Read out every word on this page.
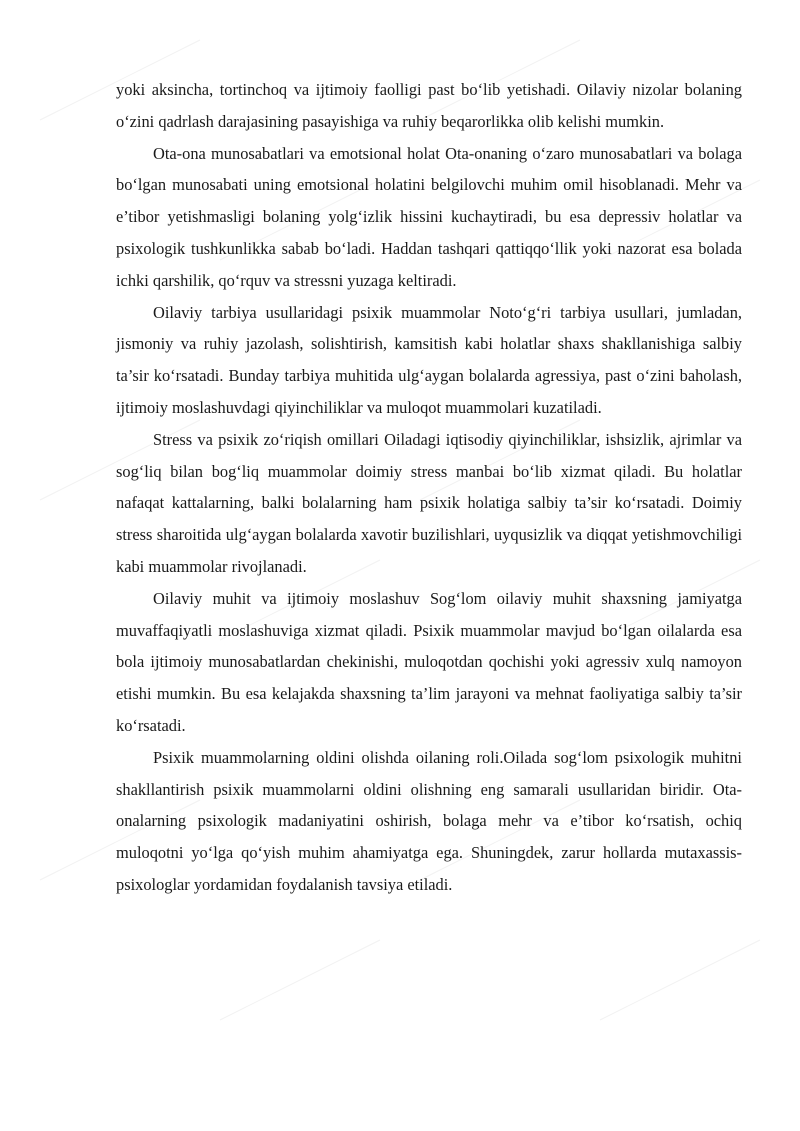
yoki aksincha, tortinchoq va ijtimoiy faolligi past bo‘lib yetishadi. Oilaviy nizolar bolaning o‘zini qadrlash darajasining pasayishiga va ruhiy beqarorlikka olib kelishi mumkin.

Ota-ona munosabatlari va emotsional holat Ota-onaning o‘zaro munosabatlari va bolaga bo‘lgan munosabati uning emotsional holatini belgilovchi muhim omil hisoblanadi. Mehr va e’tibor yetishmasligi bolaning yolg‘izlik hissini kuchaytiradi, bu esa depressiv holatlar va psixologik tushkunlikka sabab bo‘ladi. Haddan tashqari qattiqqo‘llik yoki nazorat esa bolada ichki qarshilik, qo‘rquv va stressni yuzaga keltiradi.

Oilaviy tarbiya usullaridagi psixik muammolar Noto‘g‘ri tarbiya usullari, jumladan, jismoniy va ruhiy jazolash, solishtirish, kamsitish kabi holatlar shaxs shakllanishiga salbiy ta’sir ko‘rsatadi. Bunday tarbiya muhitida ulg‘aygan bolalarda agressiya, past o‘zini baholash, ijtimoiy moslashuvdagi qiyinchiliklar va muloqot muammolari kuzatiladi.

Stress va psixik zo‘riqish omillari Oiladagi iqtisodiy qiyinchiliklar, ishsizlik, ajrimlar va sog‘liq bilan bog‘liq muammolar doimiy stress manbai bo‘lib xizmat qiladi. Bu holatlar nafaqat kattalarning, balki bolalarning ham psixik holatiga salbiy ta’sir ko‘rsatadi. Doimiy stress sharoitida ulg‘aygan bolalarda xavotir buzilishlari, uyqusizlik va diqqat yetishmovchiligi kabi muammolar rivojlanadi.

Oilaviy muhit va ijtimoiy moslashuv Sog‘lom oilaviy muhit shaxsning jamiyatga muvaffaqiyatli moslashuviga xizmat qiladi. Psixik muammolar mavjud bo‘lgan oilalarda esa bola ijtimoiy munosabatlardan chekinishi, muloqotdan qochishi yoki agressiv xulq namoyon etishi mumkin. Bu esa kelajakda shaxsning ta’lim jarayoni va mehnat faoliyatiga salbiy ta’sir ko‘rsatadi.

Psixik muammolarning oldini olishda oilaning roli.Oilada sog‘lom psixologik muhitni shakllantirish psixik muammolarni oldini olishning eng samarali usullaridan biridir. Ota-onalarning psixologik madaniyatini oshirish, bolaga mehr va e’tibor ko‘rsatish, ochiq muloqotni yo‘lga qo‘yish muhim ahamiyatga ega. Shuningdek, zarur hollarda mutaxassis-psixologlar yordamidan foydalanish tavsiya etiladi.
